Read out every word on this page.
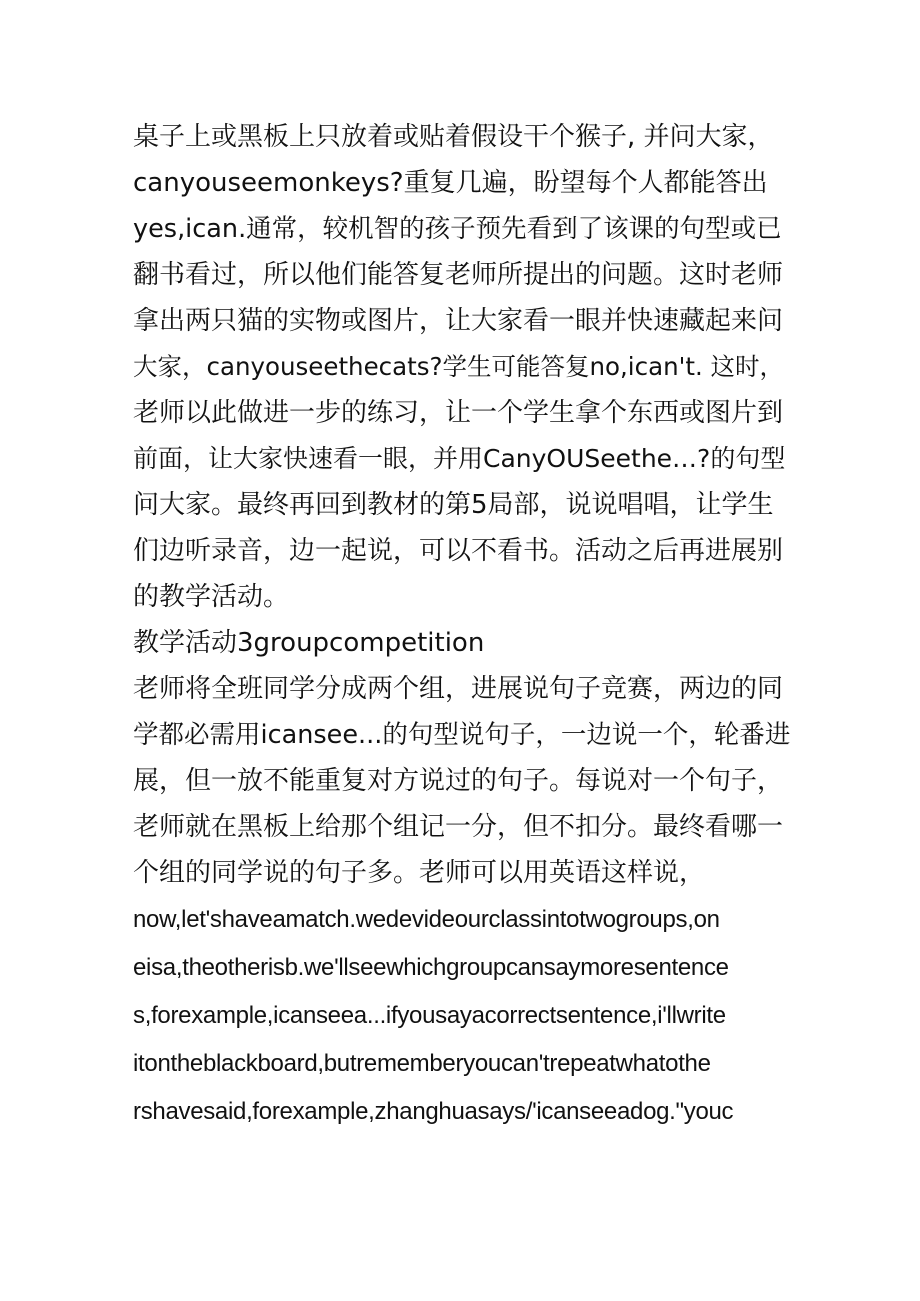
桌子上或黑板上只放着或贴着假设干个猴子, 并问大家，
canyouseemonkeys?重复几遍，盼望每个人都能答出
yes,ican.通常，较机智的孩子预先看到了该课的句型或已
翻书看过，所以他们能答复老师所提出的问题。这时老师
拿出两只猫的实物或图片，让大家看一眼并快速藏起来问
大家，canyouseethecats?学生可能答复no,ican't. 这时，
老师以此做进一步的练习，让一个学生拿个东西或图片到
前面，让大家快速看一眼，并用CanyOUSeethe…?的句型
问大家。最终再回到教材的第5局部，说说唱唱，让学生
们边听录音，边一起说，可以不看书。活动之后再进展别
的教学活动。
教学活动3groupcompetition
老师将全班同学分成两个组，进展说句子竞赛，两边的同
学都必需用icansee...的句型说句子，一边说一个，轮番进
展，但一放不能重复对方说过的句子。每说对一个句子，
老师就在黑板上给那个组记一分，但不扣分。最终看哪一
个组的同学说的句子多。老师可以用英语这样说，
now,let'shaveamatch.wedevideourclassintotwogroups,on
eisa,theotherisb.we'llseewhichgroupcansaymoresentence
s,forexample,icanseea...ifyousayacorrectsentence,i'llwrite
itontheblackboard,butrememberyoucan'trepeatwhatothe
rshavesaid,forexample,zhanghuasays/'icanseeadog."youc
